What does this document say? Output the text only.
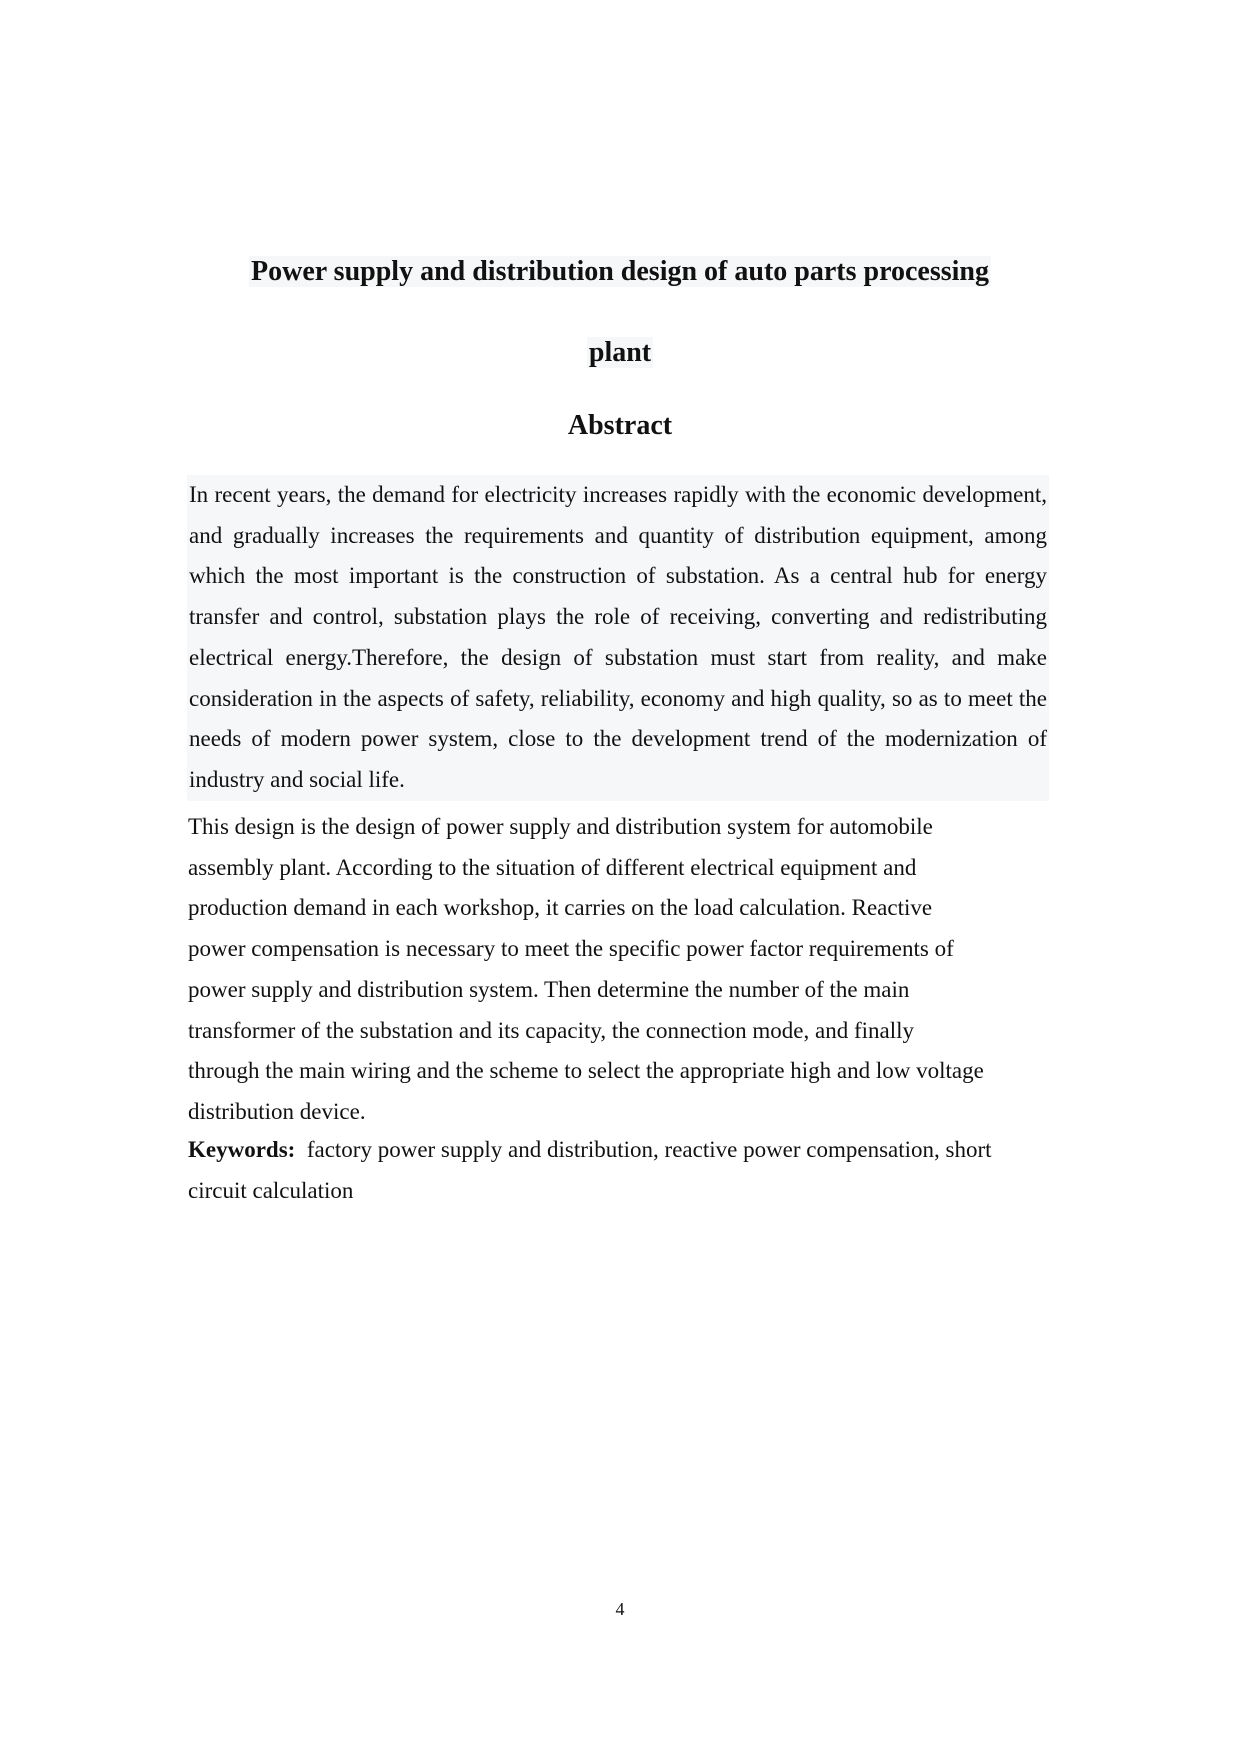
Power supply and distribution design of auto parts processing
plant
Abstract

In recent years, the demand for electricity increases rapidly with the economic development, and gradually increases the requirements and quantity of distribution equipment, among which the most important is the construction of substation. As a central hub for energy transfer and control, substation plays the role of receiving, converting and redistributing electrical energy.Therefore, the design of substation must start from reality, and make consideration in the aspects of safety, reliability, economy and high quality, so as to meet the needs of modern power system, close to the development trend of the modernization of industry and social life.

This design is the design of power supply and distribution system for automobile
assembly plant. According to the situation of different electrical equipment and
production demand in each workshop, it carries on the load calculation. Reactive
power compensation is necessary to meet the specific power factor requirements of
power supply and distribution system. Then determine the number of the main
transformer of the substation and its capacity, the connection mode, and finally
through the main wiring and the scheme to select the appropriate high and low voltage
distribution device.

Keywords: factory power supply and distribution, reactive power compensation, short circuit calculation

4
